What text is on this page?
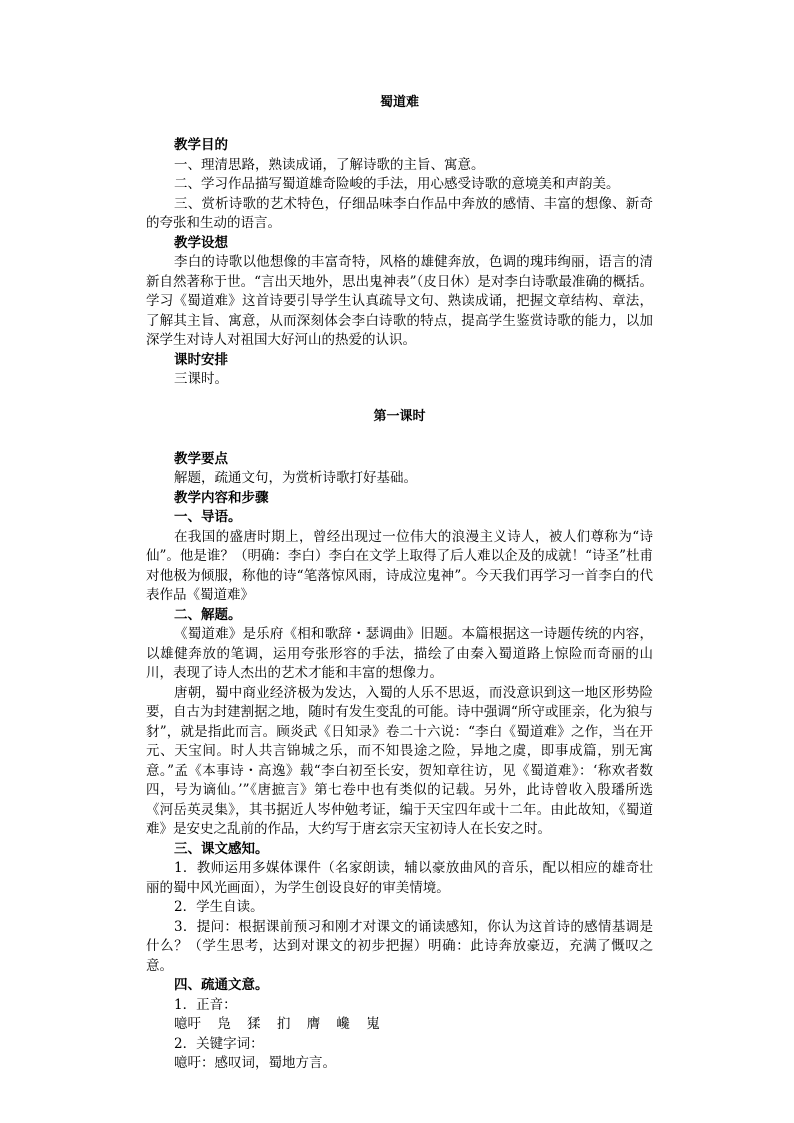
蜀道难
教学目的

一、理清思路，熟读成诵，了解诗歌的主旨、寓意。

二、学习作品描写蜀道雄奇险峻的手法，用心感受诗歌的意境美和声韵美。

三、赏析诗歌的艺术特色，仔细品味李白作品中奔放的感情、丰富的想像、新奇的夸张和生动的语言。

教学设想

李白的诗歌以他想像的丰富奇特，风格的雄健奔放，色调的瑰玮绚丽，语言的清新自然著称于世。“言出天地外，思出鬼神表”（皮日休）是对李白诗歌最准确的概括。学习《蜀道难》这首诗要引导学生认真疏导文句、熟读成诵，把握文章结构、章法，了解其主旨、寓意，从而深刻体会李白诗歌的特点，提高学生鉴赏诗歌的能力，以加深学生对诗人对祖国大好河山的热爱的认识。

课时安排

三课时。

第一课时
教学要点

解题，疏通文句，为赏析诗歌打好基础。

教学内容和步骤
一、导语。

在我国的盛唐时期上，曾经出现过一位伟大的浪漫主义诗人，被人们尊称为“诗仙”。他是谁？（明确：李白）李白在文学上取得了后人难以企及的成就！“诗圣”杜甫对他极为倾服，称他的诗“笔落惊风雨，诗成泣鬼神”。今天我们再学习一首李白的代表作品《蜀道难》

二、解题。

《蜀道难》是乐府《相和歌辞・瑟调曲》旧题。本篇根据这一诗题传统的内容，以雄健奔放的笔调，运用夸张形容的手法，描绘了由秦入蜀道路上惊险而奇丽的山川，表现了诗人杰出的艺术才能和丰富的想像力。

唐朝，蜀中商业经济极为发达，入蜀的人乐不思返，而没意识到这一地区形势险要，自古为封建割据之地，随时有发生变乱的可能。诗中强调“所守或匪亲，化为狼与豺”，就是指此而言。顾炎武《日知录》卷二十六说：“李白《蜀道难》之作，当在开元、天宝间。时人共言锦城之乐，而不知畏途之险，异地之虞，即事成篇，别无寓意。”孟《本事诗・高逸》载“李白初至长安，贺知章往访，见《蜀道难》：‘称欢者数四，号为谪仙。’”《唐摭言》第七卷中也有类似的记载。另外，此诗曾收入殷璠所选《河岳英灵集》，其书据近人岑仲勉考证，编于天宝四年或十二年。由此故知，《蜀道难》是安史之乱前的作品，大约写于唐玄宗天宝初诗人在长安之时。

三、课文感知。

1．教师运用多媒体课件（名家朗读，辅以豪放曲风的音乐，配以相应的雄奇壮丽的蜀中风光画面），为学生创设良好的审美情境。

2．学生自读。

3．提问：根据课前预习和刚才对课文的诵读感知，你认为这首诗的感情基调是什么？（学生思考，达到对课文的初步把握）明确：此诗奔放豪迈，充满了慨叹之意。

四、疏通文意。
1．正音：
噫吁 凫 猱 扪 膺 巉 嵬
2．关键字词：
噫吁：感叹词，蜀地方言。
